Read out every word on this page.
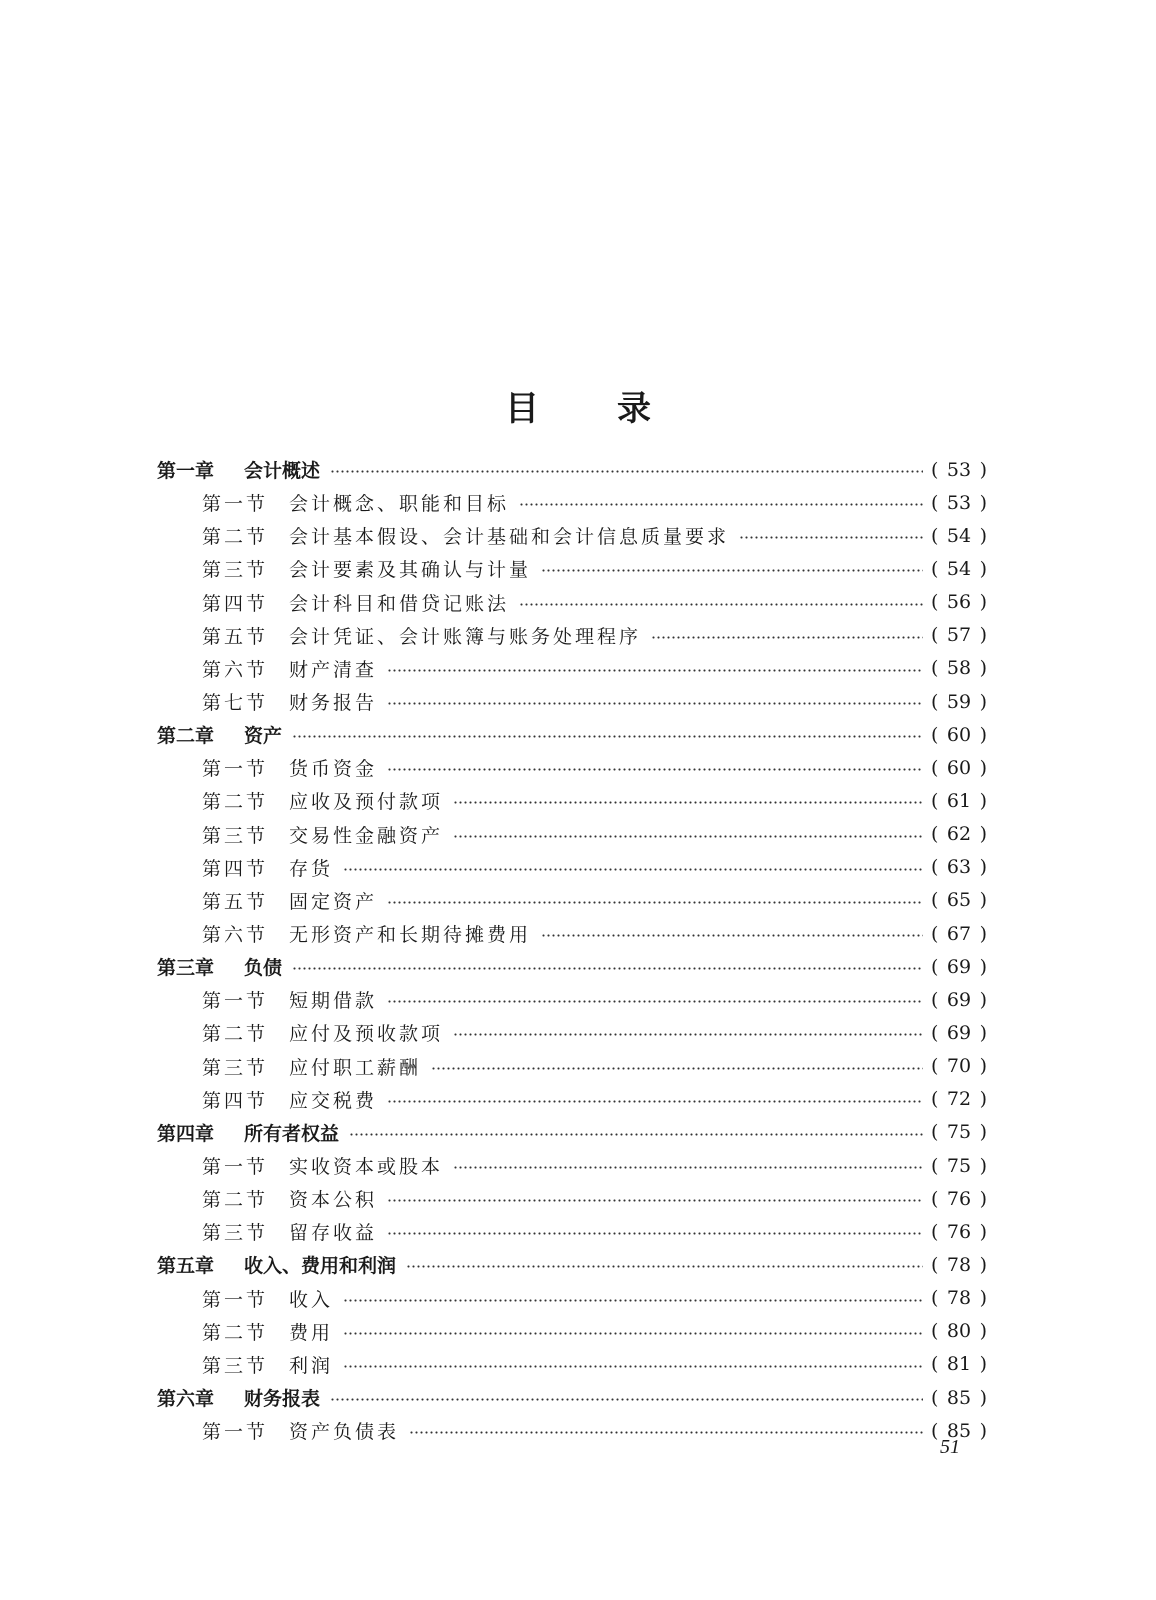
目录
第一章	会计概述	( 53 )
第一节	会计概念、职能和目标	( 53 )
第二节	会计基本假设、会计基础和会计信息质量要求	( 54 )
第三节	会计要素及其确认与计量	( 54 )
第四节	会计科目和借贷记账法	( 56 )
第五节	会计凭证、会计账簿与账务处理程序	( 57 )
第六节	财产清查	( 58 )
第七节	财务报告	( 59 )
第二章	资产	( 60 )
第一节	货币资金	( 60 )
第二节	应收及预付款项	( 61 )
第三节	交易性金融资产	( 62 )
第四节	存货	( 63 )
第五节	固定资产	( 65 )
第六节	无形资产和长期待摊费用	( 67 )
第三章	负债	( 69 )
第一节	短期借款	( 69 )
第二节	应付及预收款项	( 69 )
第三节	应付职工薪酬	( 70 )
第四节	应交税费	( 72 )
第四章	所有者权益	( 75 )
第一节	实收资本或股本	( 75 )
第二节	资本公积	( 76 )
第三节	留存收益	( 76 )
第五章	收入、费用和利润	( 78 )
第一节	收入	( 78 )
第二节	费用	( 80 )
第三节	利润	( 81 )
第六章	财务报表	( 85 )
第一节	资产负债表	( 85 )
51
